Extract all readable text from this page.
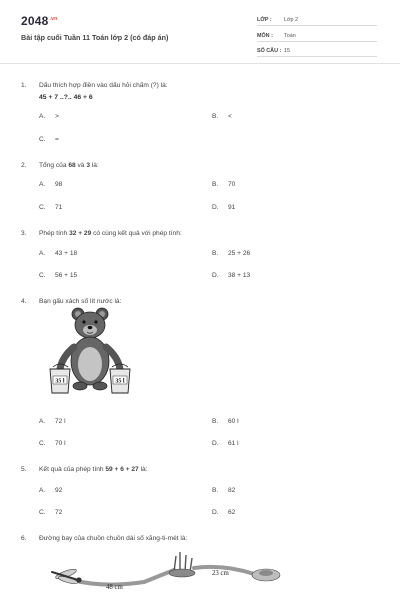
$2048^{.vn}$
Bài tập cuối Tuần 11 Toán lớp 2 (có đáp án)
LỚP : Lớp 2
MÔN : Toán
SỐ CÂU : 15
1. Dấu thích hợp điền vào dấu hỏi chấm (?) là:
45 + 7 ..?.. 46 + 6
A. >	B. <
C. =
2. Tổng của 68 và 3 là:
A. 98	B. 70
C. 71	D. 91
3. Phép tính 32 + 29 có cùng kết quả với phép tính:
A. 43 + 18	B. 25 + 26
C. 56 + 15	D. 38 + 13
4. Bạn gấu xách số lít nước là:
35 l	35 l
A. 72 l	B. 60 l
C. 70 l	D. 61 l
5. Kết quả của phép tính 59 + 6 + 27 là:
A. 92	B. 82
C. 72	D. 62
6. Đường bay của chuồn chuồn dài số xăng-ti-mét là:
48 cm
23 cm
